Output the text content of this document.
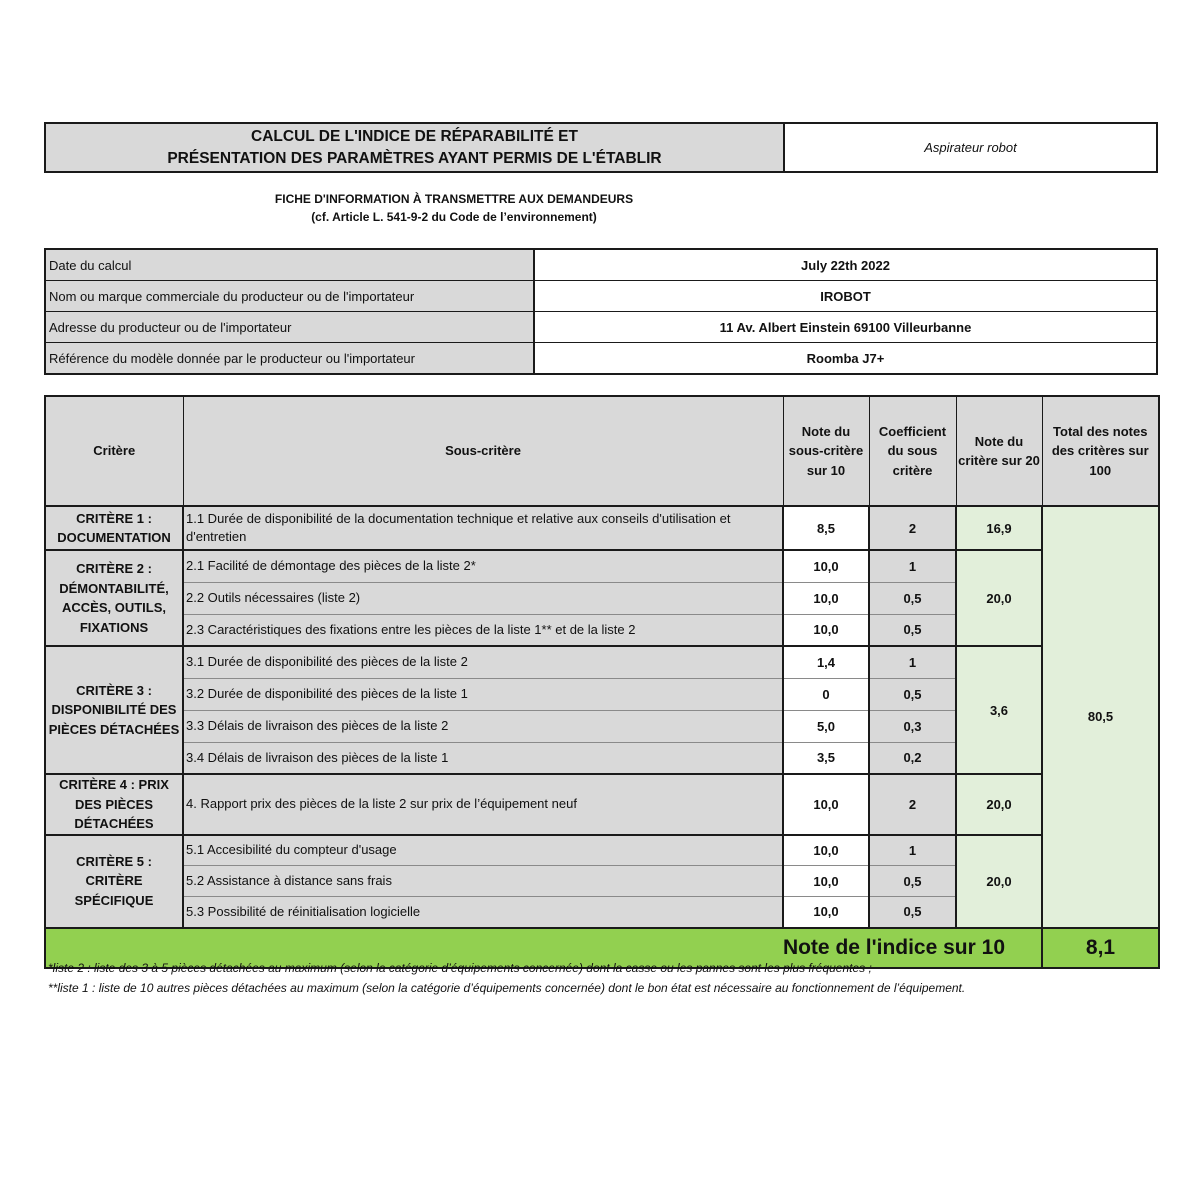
CALCUL DE L'INDICE DE RÉPARABILITÉ ET
PRÉSENTATION DES PARAMÈTRES AYANT PERMIS DE L'ÉTABLIR
Aspirateur robot
FICHE D'INFORMATION À TRANSMETTRE AUX DEMANDEURS
(cf. Article L. 541-9-2 du Code de l’environnement)
Date du calcul	July 22th 2022
Nom ou marque commerciale du producteur ou de l'importateur	IROBOT
Adresse du producteur ou de l'importateur	11 Av. Albert Einstein 69100 Villeurbanne
Référence du modèle donnée par le producteur ou l'importateur	Roomba J7+
Critère	Sous-critère	Note du sous-critère sur 10	Coefficient du sous critère	Note du critère sur 20	Total des notes des critères sur 100
CRITÈRE 1 : DOCUMENTATION	1.1 Durée de disponibilité de la documentation technique et relative aux conseils d'utilisation et d'entretien	8,5	2	16,9	80,5
CRITÈRE 2 : DÉMONTABILITÉ, ACCÈS, OUTILS, FIXATIONS	2.1 Facilité de démontage des pièces de la liste 2*	10,0	1	20,0	
	2.2 Outils nécessaires (liste 2)	10,0	0,5		
	2.3 Caractéristiques des fixations entre les pièces de la liste 1** et de la liste 2	10,0	0,5		
CRITÈRE 3 : DISPONIBILITÉ DES PIÈCES DÉTACHÉES	3.1 Durée de disponibilité des pièces de la liste 2	1,4	1	3,6	
	3.2 Durée de disponibilité des pièces de la liste 1	0	0,5		
	3.3 Délais de livraison des pièces de la liste 2	5,0	0,3		
	3.4 Délais de livraison des pièces de la liste 1	3,5	0,2		
CRITÈRE 4 : PRIX DES PIÈCES DÉTACHÉES	4. Rapport prix des pièces de la liste 2 sur prix de l’équipement neuf	10,0	2	20,0	
CRITÈRE 5 : CRITÈRE SPÉCIFIQUE	5.1 Accesibilité du compteur d'usage	10,0	1	20,0	
	5.2 Assistance à distance sans frais	10,0	0,5		
	5.3 Possibilité de réinitialisation logicielle	10,0	0,5		
Note de l'indice sur 10					8,1
*liste 2 : liste des 3 à 5 pièces détachées au maximum (selon la catégorie d’équipements concernée) dont la casse ou les pannes sont les plus fréquentes ;
**liste 1 : liste de 10 autres pièces détachées au maximum (selon la catégorie d’équipements concernée) dont le bon état est nécessaire au fonctionnement de l’équipement.
